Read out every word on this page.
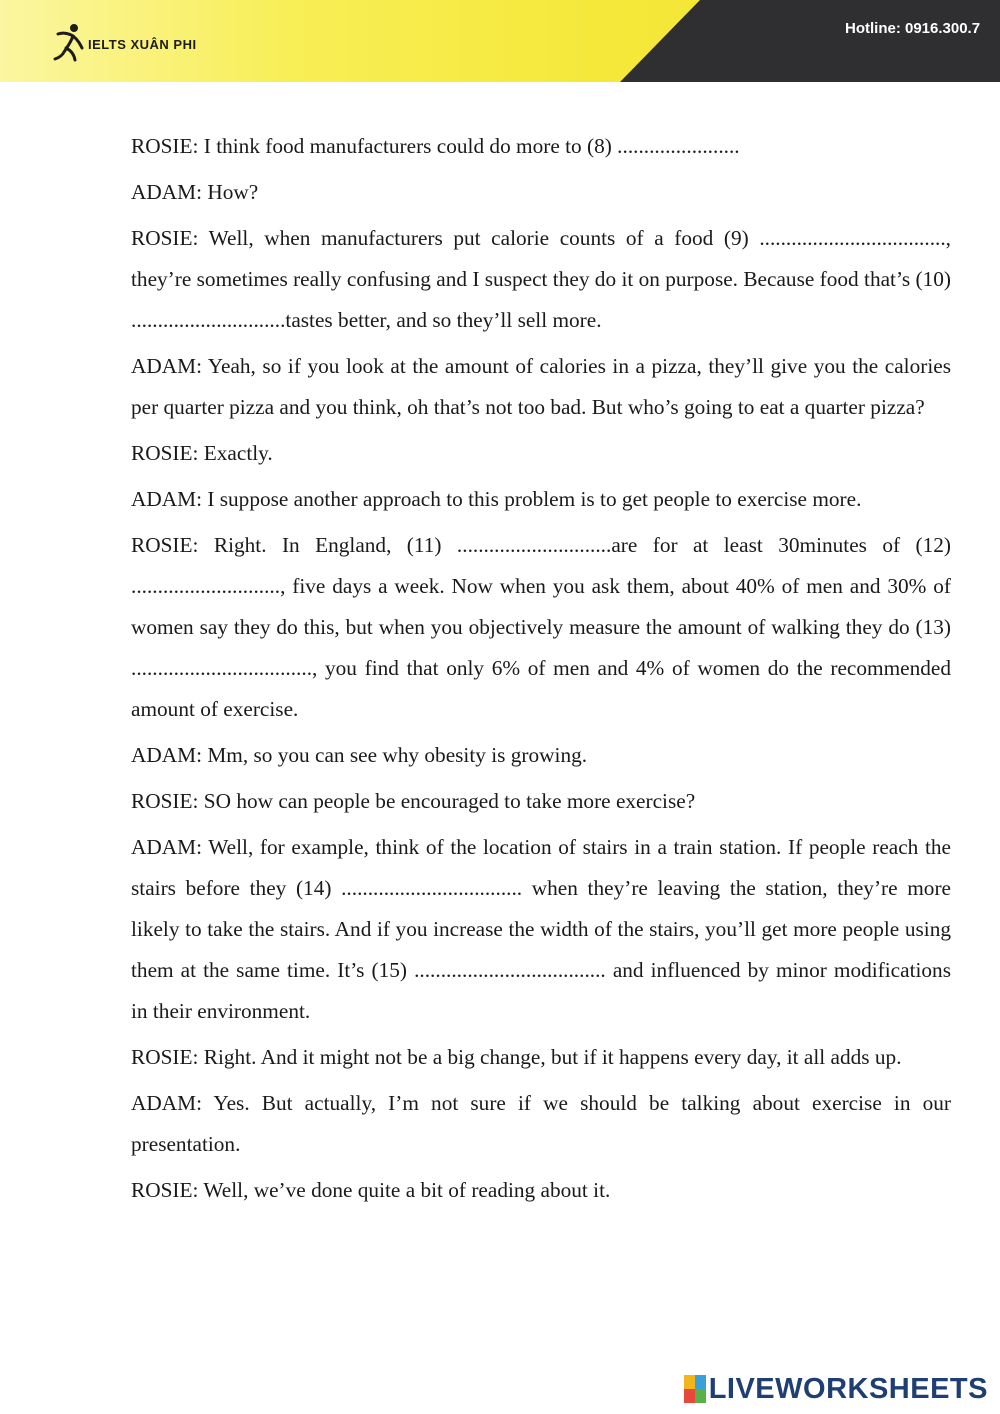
IELTS XUÂN PHI
Hotline: 0916.300.7

ROSIE: I think food manufacturers could do more to (8) .......................

ADAM: How?

ROSIE: Well, when manufacturers put calorie counts of a food (9) ..................................., they’re sometimes really confusing and I suspect they do it on purpose. Because food that’s (10) .............................tastes better, and so they’ll sell more.

ADAM: Yeah, so if you look at the amount of calories in a pizza, they’ll give you the calories per quarter pizza and you think, oh that’s not too bad. But who’s going to eat a quarter pizza?

ROSIE: Exactly.

ADAM: I suppose another approach to this problem is to get people to exercise more.

ROSIE: Right. In England, (11) .............................are for at least 30minutes of (12) ............................, five days a week. Now when you ask them, about 40% of men and 30% of women say they do this, but when you objectively measure the amount of walking they do (13) .................................., you find that only 6% of men and 4% of women do the recommended amount of exercise.

ADAM: Mm, so you can see why obesity is growing.

ROSIE: SO how can people be encouraged to take more exercise?

ADAM: Well, for example, think of the location of stairs in a train station. If people reach the stairs before they (14) .................................. when they’re leaving the station, they’re more likely to take the stairs. And if you increase the width of the stairs, you’ll get more people using them at the same time. It’s (15) .................................... and influenced by minor modifications in their environment.

ROSIE: Right. And it might not be a big change, but if it happens every day, it all adds up.

ADAM: Yes. But actually, I’m not sure if we should be talking about exercise in our presentation.

ROSIE: Well, we’ve done quite a bit of reading about it.

LIVEWORKSHEETS
